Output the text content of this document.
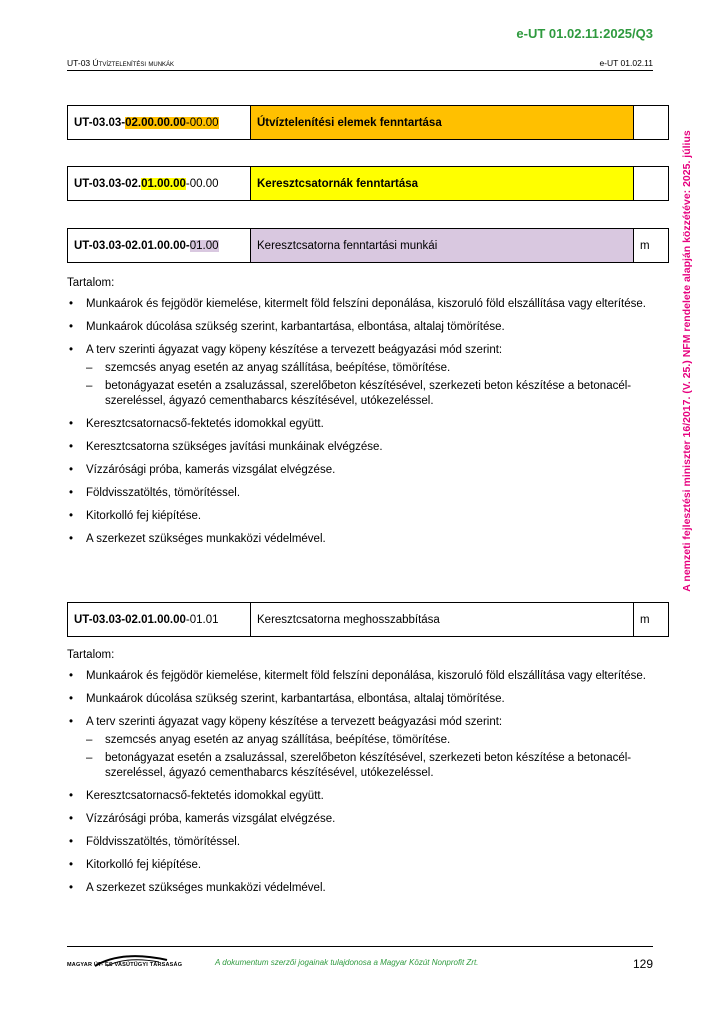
e-UT 01.02.11:2025/Q3
UT-03 Útvíztelenítési munkák	e-UT 01.02.11
A nemzeti fejlesztési miniszter 16/2017. (V. 25.) NFM rendelete alapján közzétéve: 2025. július
UT-03.03-02.00.00.00-00.00	Útvíztelenítési elemek fenntartása	
UT-03.03-02.01.00.00-00.00	Keresztcsatornák fenntartása	
UT-03.03-02.01.00.00-01.00	Keresztcsatorna fenntartási munkái	m

Tartalom:

• Munkaárok és fejgödör kiemelése, kitermelt föld felszíni deponálása, kiszoruló föld elszállítása vagy elterítése.
• Munkaárok dúcolása szükség szerint, karbantartása, elbontása, altalaj tömörítése.
• A terv szerinti ágyazat vagy köpeny készítése a tervezett beágyazási mód szerint:
– szemcsés anyag esetén az anyag szállítása, beépítése, tömörítése.
– betonágyazat esetén a zsaluzással, szerelőbeton készítésével, szerkezeti beton készítése a betonacél-szereléssel, ágyazó cementhabarcs készítésével, utókezeléssel.
• Keresztcsatornacső-fektetés idomokkal együtt.
• Keresztcsatorna szükséges javítási munkáinak elvégzése.
• Vízzárósági próba, kamerás vizsgálat elvégzése.
• Földvisszatöltés, tömörítéssel.
• Kitorkolló fej kiépítése.
• A szerkezet szükséges munkaközi védelmével.
UT-03.03-02.01.00.00-01.01	Keresztcsatorna meghosszabbítása	m

Tartalom:

• Munkaárok és fejgödör kiemelése, kitermelt föld felszíni deponálása, kiszoruló föld elszállítása vagy elterítése.
• Munkaárok dúcolása szükség szerint, karbantartása, elbontása, altalaj tömörítése.
• A terv szerinti ágyazat vagy köpeny készítése a tervezett beágyazási mód szerint:
– szemcsés anyag esetén az anyag szállítása, beépítése, tömörítése.
– betonágyazat esetén a zsaluzással, szerelőbeton készítésével, szerkezeti beton készítése a betonacél-szereléssel, ágyazó cementhabarcs készítésével, utókezeléssel.
• Keresztcsatornacső-fektetés idomokkal együtt.
• Vízzárósági próba, kamerás vizsgálat elvégzése.
• Földvisszatöltés, tömörítéssel.
• Kitorkolló fej kiépítése.
• A szerkezet szükséges munkaközi védelmével.
MAGYAR ÚT- ÉS VASÚTÜGYI TÁRSASÁG	A dokumentum szerzői jogainak tulajdonosa a Magyar Közút Nonprofit Zrt.	129
